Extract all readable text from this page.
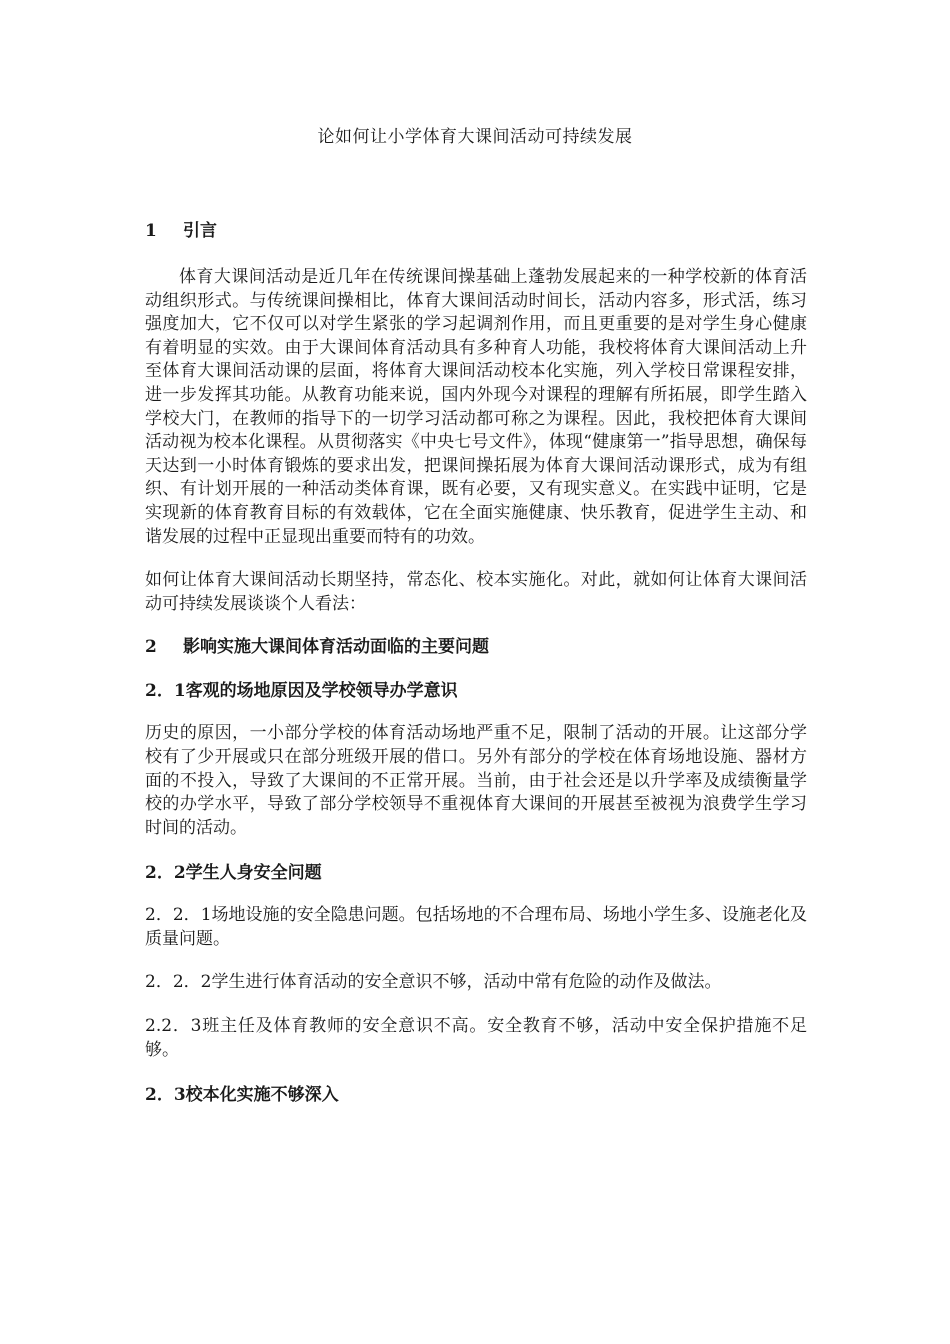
论如何让小学体育大课间活动可持续发展
1	引言

体育大课间活动是近几年在传统课间操基础上蓬勃发展起来的一种学校新的体育活动组织形式。与传统课间操相比，体育大课间活动时间长，活动内容多，形式活，练习强度加大，它不仅可以对学生紧张的学习起调剂作用，而且更重要的是对学生身心健康有着明显的实效。由于大课间体育活动具有多种育人功能，我校将体育大课间活动上升至体育大课间活动课的层面，将体育大课间活动校本化实施，列入学校日常课程安排，进一步发挥其功能。从教育功能来说，国内外现今对课程的理解有所拓展，即学生踏入学校大门，在教师的指导下的一切学习活动都可称之为课程。因此，我校把体育大课间活动视为校本化课程。从贯彻落实《中央七号文件》，体现“健康第一”指导思想，确保每天达到一小时体育锻炼的要求出发，把课间操拓展为体育大课间活动课形式，成为有组织、有计划开展的一种活动类体育课，既有必要，又有现实意义。在实践中证明，它是实现新的体育教育目标的有效载体，它在全面实施健康、快乐教育，促进学生主动、和谐发展的过程中正显现出重要而特有的功效。

如何让体育大课间活动长期坚持，常态化、校本实施化。对此，就如何让体育大课间活动可持续发展谈谈个人看法：

2	影响实施大课间体育活动面临的主要问题
2．1客观的场地原因及学校领导办学意识

历史的原因，一小部分学校的体育活动场地严重不足，限制了活动的开展。让这部分学校有了少开展或只在部分班级开展的借口。另外有部分的学校在体育场地设施、器材方面的不投入，导致了大课间的不正常开展。当前，由于社会还是以升学率及成绩衡量学校的办学水平，导致了部分学校领导不重视体育大课间的开展甚至被视为浪费学生学习时间的活动。

2．2学生人身安全问题

2．2．1场地设施的安全隐患问题。包括场地的不合理布局、场地小学生多、设施老化及质量问题。

2．2．2学生进行体育活动的安全意识不够，活动中常有危险的动作及做法。

2.2．3班主任及体育教师的安全意识不高。安全教育不够，活动中安全保护措施不足够。

2．3校本化实施不够深入
